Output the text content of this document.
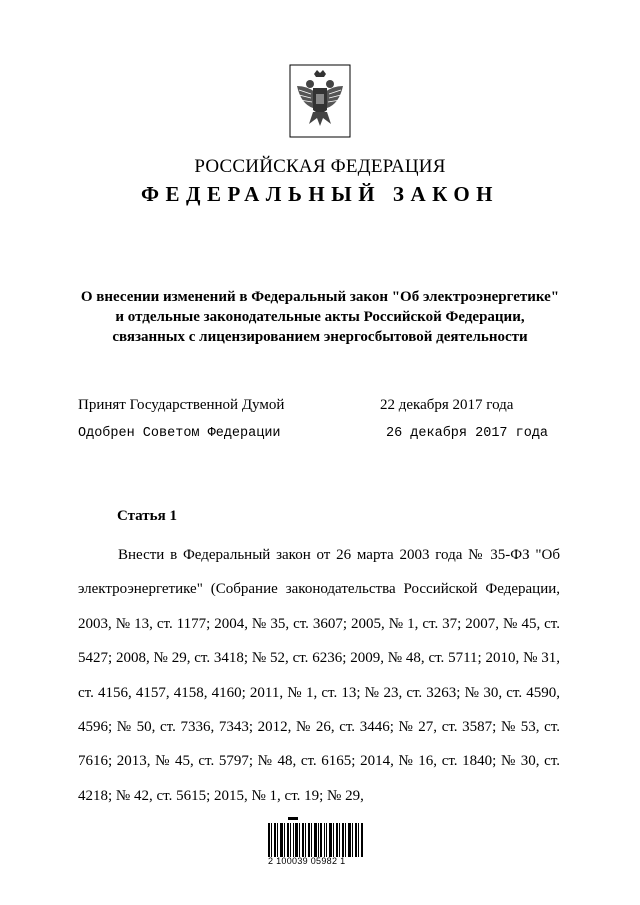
РОССИЙСКАЯ ФЕДЕРАЦИЯ
ФЕДЕРАЛЬНЫЙ ЗАКОН
О внесении изменений в Федеральный закон "Об электроэнергетике"
и отдельные законодательные акты Российской Федерации,
связанных с лицензированием энергосбытовой деятельности
Принят Государственной Думой	22 декабря 2017 года
Одобрен Советом Федерации	26 декабря 2017 года
Статья 1
Внести в Федеральный закон от 26 марта 2003 года № 35-ФЗ "Об электроэнергетике" (Собрание законодательства Российской Федерации, 2003, № 13, ст. 1177; 2004, № 35, ст. 3607; 2005, № 1, ст. 37; 2007, № 45, ст. 5427; 2008, № 29, ст. 3418; № 52, ст. 6236; 2009, № 48, ст. 5711; 2010, № 31, ст. 4156, 4157, 4158, 4160; 2011, № 1, ст. 13; № 23, ст. 3263; № 30, ст. 4590, 4596; № 50, ст. 7336, 7343; 2012, № 26, ст. 3446; № 27, ст. 3587; № 53, ст. 7616; 2013, № 45, ст. 5797; № 48, ст. 6165; 2014, № 16, ст. 1840; № 30, ст. 4218; № 42, ст. 5615; 2015, № 1, ст. 19; № 29,
2 100039 05982 1
